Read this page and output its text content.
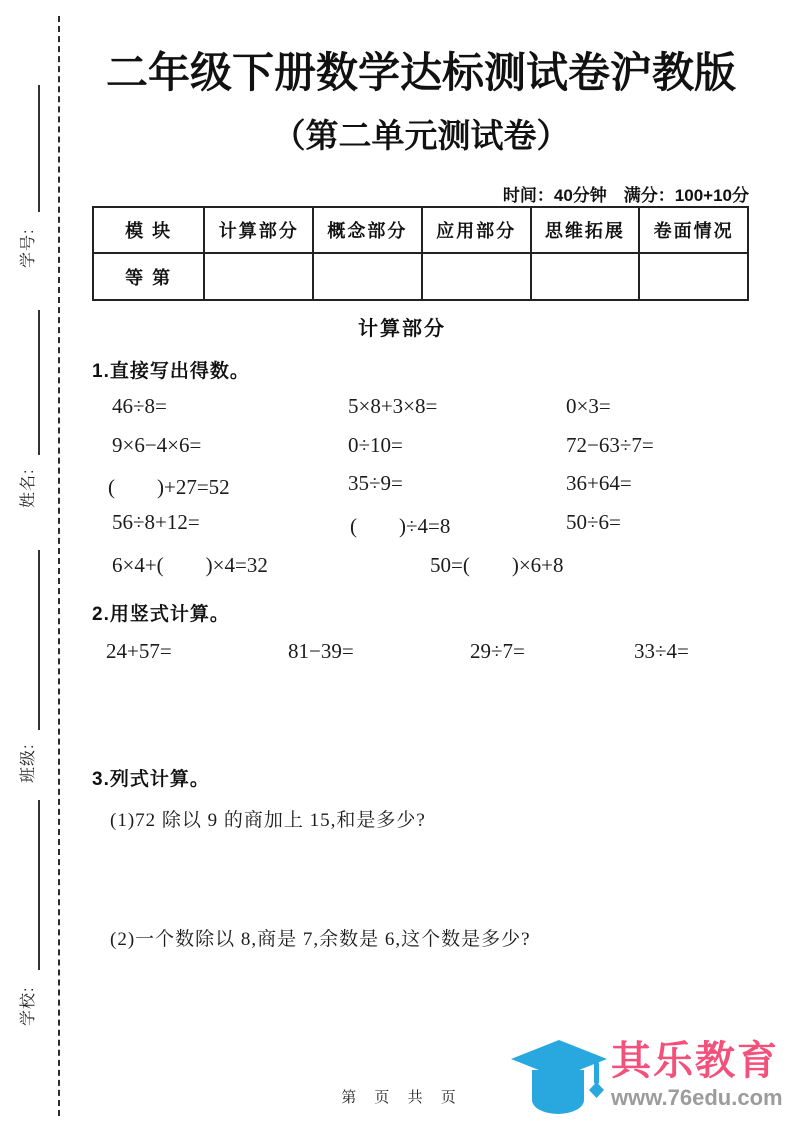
学号:
姓名:
班级:
学校:
二年级下册数学达标测试卷沪教版
（第二单元测试卷）
时间：40分钟　满分：100+10分
模 块	计算部分	概念部分	应用部分	思维拓展	卷面情况
等 第					
计算部分
1.直接写出得数。
46÷8=	5×8+3×8=	0×3=
9×6−4×6=	0÷10=	72−63÷7=
(　　)+27=52	35÷9=	36+64=
56÷8+12=	(　　)÷4=8	50÷6=
6×4+(　　)×4=32	50=(　　)×6+8
2.用竖式计算。
24+57=	81−39=	29÷7=	33÷4=
3.列式计算。
(1)72 除以 9 的商加上 15,和是多少?
(2)一个数除以 8,商是 7,余数是 6,这个数是多少?
第 页 共 页
其乐教育
www.76edu.com
